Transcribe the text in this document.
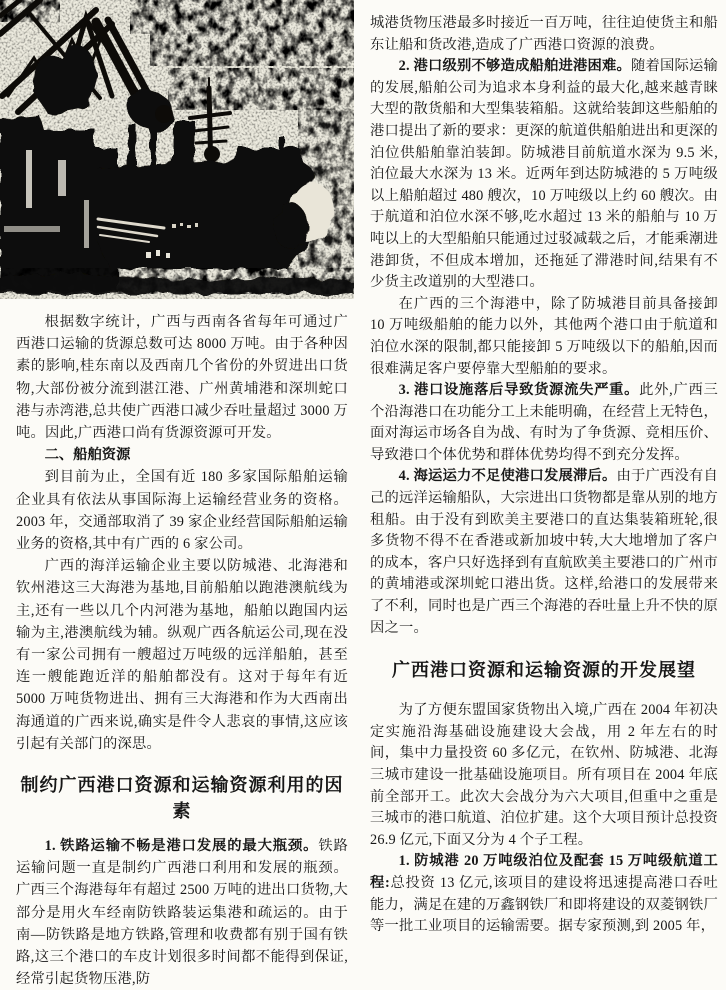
根据数字统计，广西与西南各省每年可通过广西港口运输的货源总数可达 8000 万吨。由于各种因素的影响,桂东南以及西南几个省份的外贸进出口货物,大部份被分流到湛江港、广州黄埔港和深圳蛇口港与赤湾港,总共使广西港口减少吞吐量超过 3000 万吨。因此,广西港口尚有货源资源可开发。

二、船舶资源

到目前为止，全国有近 180 多家国际船舶运输企业具有依法从事国际海上运输经营业务的资格。2003 年，交通部取消了 39 家企业经营国际船舶运输业务的资格,其中有广西的 6 家公司。

广西的海洋运输企业主要以防城港、北海港和钦州港这三大海港为基地,目前船舶以跑港澳航线为主,还有一些以几个内河港为基地，船舶以跑国内运输为主,港澳航线为辅。纵观广西各航运公司,现在没有一家公司拥有一艘超过万吨级的远洋船舶，甚至连一艘能跑近洋的船舶都没有。这对于每年有近 5000 万吨货物进出、拥有三大海港和作为大西南出海通道的广西来说,确实是件令人悲哀的事情,这应该引起有关部门的深思。

制约广西港口资源和运输资源利用的因素

1. 铁路运输不畅是港口发展的最大瓶颈。铁路运输问题一直是制约广西港口利用和发展的瓶颈。广西三个海港每年有超过 2500 万吨的进出口货物,大部分是用火车经南防铁路装运集港和疏运的。由于南—防铁路是地方铁路,管理和收费都有别于国有铁路,这三个港口的车皮计划很多时间都不能得到保证,经常引起货物压港,防

城港货物压港最多时接近一百万吨，往往迫使货主和船东让船和货改港,造成了广西港口资源的浪费。

2. 港口级别不够造成船舶进港困难。随着国际运输的发展,船舶公司为追求本身利益的最大化,越来越青睐大型的散货船和大型集装箱船。这就给装卸这些船舶的港口提出了新的要求：更深的航道供船舶进出和更深的泊位供船舶靠泊装卸。防城港目前航道水深为 9.5 米,泊位最大水深为 13 米。近两年到达防城港的 5 万吨级以上船舶超过 480 艘次，10 万吨级以上约 60 艘次。由于航道和泊位水深不够,吃水超过 13 米的船舶与 10 万吨以上的大型船舶只能通过过驳减载之后，才能乘潮进港卸货，不但成本增加，还拖延了滞港时间,结果有不少货主改道别的大型港口。

在广西的三个海港中，除了防城港目前具备接卸 10 万吨级船舶的能力以外，其他两个港口由于航道和泊位水深的限制,都只能接卸 5 万吨级以下的船舶,因而很难满足客户要停靠大型船舶的要求。

3. 港口设施落后导致货源流失严重。此外,广西三个沿海港口在功能分工上未能明确，在经营上无特色，面对海运市场各自为战、有时为了争货源、竞相压价、导致港口个体优势和群体优势均得不到充分发挥。

4. 海运运力不足使港口发展滞后。由于广西没有自己的远洋运输船队，大宗进出口货物都是靠从别的地方租船。由于没有到欧美主要港口的直达集装箱班轮,很多货物不得不在香港或新加坡中转,大大地增加了客户的成本，客户只好选择到有直航欧美主要港口的广州市的黄埔港或深圳蛇口港出货。这样,给港口的发展带来了不利，同时也是广西三个海港的吞吐量上升不快的原因之一。

广西港口资源和运输资源的开发展望

为了方便东盟国家货物出入境,广西在 2004 年初决定实施沿海基础设施建设大会战，用 2 年左右的时间，集中力量投资 60 多亿元，在钦州、防城港、北海三城市建设一批基础设施项目。所有项目在 2004 年底前全部开工。此次大会战分为六大项目,但重中之重是三城市的港口航道、泊位扩建。这个大项目预计总投资 26.9 亿元,下面又分为 4 个子工程。

1. 防城港 20 万吨级泊位及配套 15 万吨级航道工程:总投资 13 亿元,该项目的建设将迅速提高港口吞吐能力，满足在建的万鑫钢铁厂和即将建设的双菱钢铁厂等一批工业项目的运输需要。据专家预测,到 2005 年，
